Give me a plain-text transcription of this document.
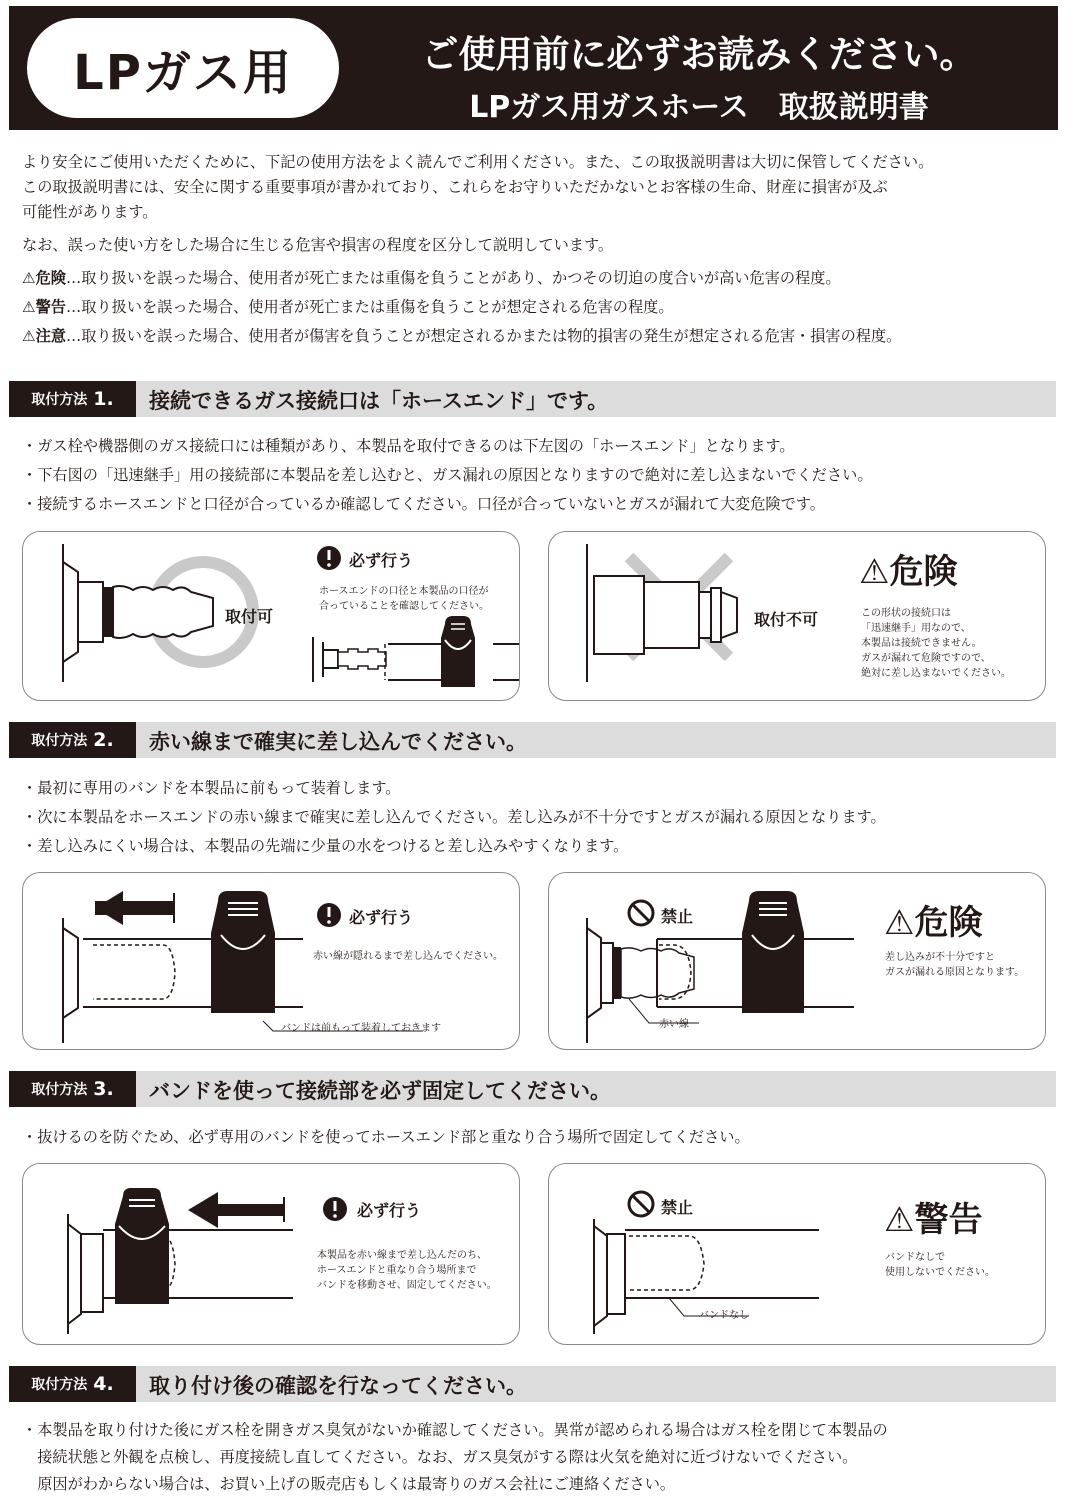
LPガス用	ご使用前に必ずお読みください。
LPガス用ガスホース　取扱説明書

より安全にご使用いただくために、下記の使用方法をよく読んでご利用ください。また、この取扱説明書は大切に保管してください。

この取扱説明書には、安全に関する重要事項が書かれており、これらをお守りいただかないとお客様の生命、財産に損害が及ぶ

可能性があります。

なお、誤った使い方をした場合に生じる危害や損害の程度を区分して説明しています。

⚠危険…取り扱いを誤った場合、使用者が死亡または重傷を負うことがあり、かつその切迫の度合いが高い危害の程度。

⚠警告…取り扱いを誤った場合、使用者が死亡または重傷を負うことが想定される危害の程度。

⚠注意…取り扱いを誤った場合、使用者が傷害を負うことが想定されるかまたは物的損害の発生が想定される危害・損害の程度。

取付方法 1. 接続できるガス接続口は「ホースエンド」です。

・ガス栓や機器側のガス接続口には種類があり、本製品を取付できるのは下左図の「ホースエンド」となります。

・下右図の「迅速継手」用の接続部に本製品を差し込むと、ガス漏れの原因となりますので絶対に差し込まないでください。

・接続するホースエンドと口径が合っているか確認してください。口径が合っていないとガスが漏れて大変危険です。

取付可
必ず行う
ホースエンドの口径と本製品の口径が
合っていることを確認してください。
取付不可
⚠危険
この形状の接続口は
「迅速継手」用なので、
本製品は接続できません。
ガスが漏れて危険ですので、
絶対に差し込まないでください。
取付方法 2. 赤い線まで確実に差し込んでください。

・最初に専用のバンドを本製品に前もって装着します。

・次に本製品をホースエンドの赤い線まで確実に差し込んでください。差し込みが不十分ですとガスが漏れる原因となります。

・差し込みにくい場合は、本製品の先端に少量の水をつけると差し込みやすくなります。

必ず行う
赤い線が隠れるまで差し込んでください。
バンドは前もって装着しておきます
禁止	⚠危険
差し込みが不十分ですと
ガスが漏れる原因となります。
赤い線
取付方法 3. バンドを使って接続部を必ず固定してください。

・抜けるのを防ぐため、必ず専用のバンドを使ってホースエンド部と重なり合う場所で固定してください。

必ず行う
本製品を赤い線まで差し込んだのち、
ホースエンドと重なり合う場所まで
バンドを移動させ、固定してください。
禁止	⚠警告
バンドなしで
使用しないでください。
バンドなし
取付方法 4. 取り付け後の確認を行なってください。

・本製品を取り付けた後にガス栓を開きガス臭気がないか確認してください。異常が認められる場合はガス栓を閉じて本製品の

　接続状態と外観を点検し、再度接続し直してください。なお、ガス臭気がする際は火気を絶対に近づけないでください。

　原因がわからない場合は、お買い上げの販売店もしくは最寄りのガス会社にご連絡ください。
